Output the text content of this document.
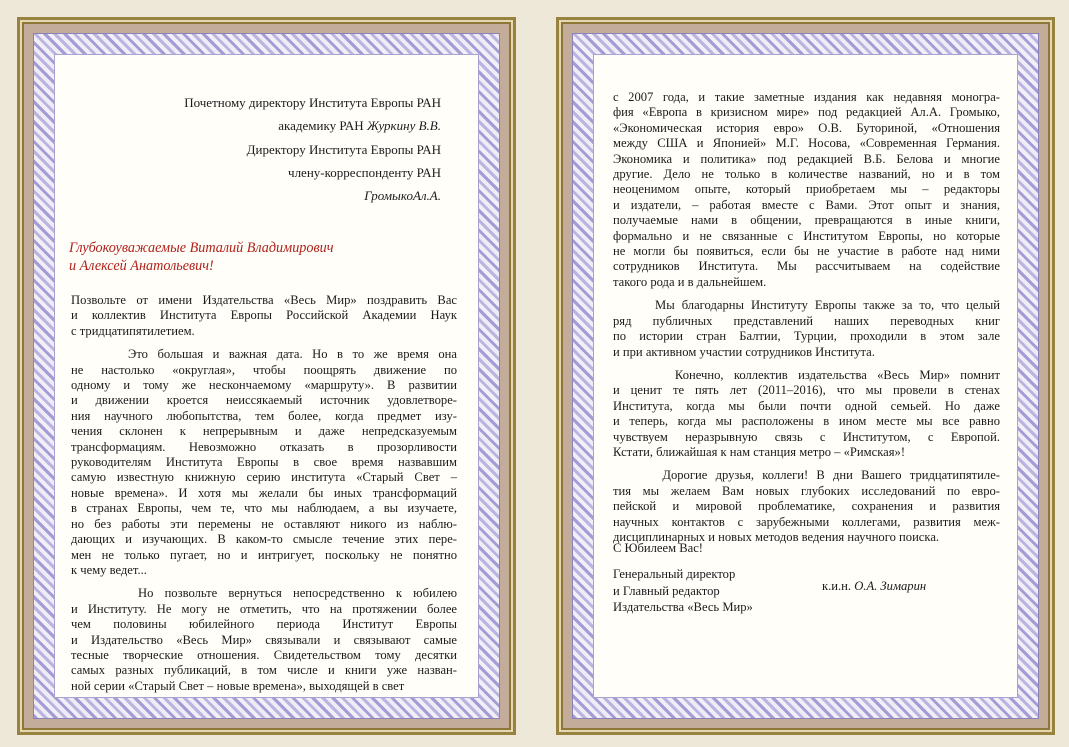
Почетному директору Института Европы РАН
академику РАН Журкину В.В.
Директору Института Европы РАН
члену-корреспонденту РАН
ГромыкоАл.А.
Глубокоуважаемые Виталий Владимирович
и Алексей Анатольевич!

Позвольте от имени Издательства «Весь Мир» поздравить Вас
и коллектив Института Европы Российской Академии Наук
с тридцатипятилетием.

Это большая и важная дата. Но в то же время она
не настолько «округлая», чтобы поощрять движение по
одному и тому же нескончаемому «маршруту». В развитии
и движении кроется неиссякаемый источник удовлетворе-
ния научного любопытства, тем более, когда предмет изу-
чения склонен к непрерывным и даже непредсказуемым
трансформациям. Невозможно отказать в прозорливости
руководителям Института Европы в свое время назвавшим
самую известную книжную серию института «Старый Свет –
новые времена». И хотя мы желали бы иных трансформаций
в странах Европы, чем те, что мы наблюдаем, а вы изучаете,
но без работы эти перемены не оставляют никого из наблю-
дающих и изучающих. В каком-то смысле течение этих пере-
мен не только пугает, но и интригует, поскольку не понятно
к чему ведет...

Но позвольте вернуться непосредственно к юбилею
и Институту. Не могу не отметить, что на протяжении более
чем половины юбилейного периода Институт Европы
и Издательство «Весь Мир» связывали и связывают самые
тесные творческие отношения. Свидетельством тому десятки
самых разных публикаций, в том числе и книги уже назван-
ной серии «Старый Свет – новые времена», выходящей в свет

с 2007 года, и такие заметные издания как недавняя моногра-
фия «Европа в кризисном мире» под редакцией Ал.А. Громыко,
«Экономическая история евро» О.В. Буториной, «Отношения
между США и Японией» М.Г. Носова, «Современная Германия.
Экономика и политика» под редакцией В.Б. Белова и многие
другие. Дело не только в количестве названий, но и в том
неоценимом опыте, который приобретаем мы – редакторы
и издатели, – работая вместе с Вами. Этот опыт и знания,
получаемые нами в общении, превращаются в иные книги,
формально и не связанные с Институтом Европы, но которые
не могли бы появиться, если бы не участие в работе над ними
сотрудников Института. Мы рассчитываем на содействие
такого рода и в дальнейшем.

Мы благодарны Институту Европы также за то, что целый
ряд публичных представлений наших переводных книг
по истории стран Балтии, Турции, проходили в этом зале
и при активном участии сотрудников Института.

Конечно, коллектив издательства «Весь Мир» помнит
и ценит те пять лет (2011–2016), что мы провели в стенах
Института, когда мы были почти одной семьей. Но даже
и теперь, когда мы расположены в ином месте мы все равно
чувствуем неразрывную связь с Институтом, с Европой.
Кстати, ближайшая к нам станция метро – «Римская»!

Дорогие друзья, коллеги! В дни Вашего тридцатипятиле-
тия мы желаем Вам новых глубоких исследований по евро-
пейской и мировой проблематике, сохранения и развития
научных контактов с зарубежными коллегами, развития меж-
дисциплинарных и новых методов ведения научного поиска.

С Юбилеем Вас!
Генеральный директор
и Главный редактор
Издательства «Весь Мир»
к.и.н. О.А. Зимарин
